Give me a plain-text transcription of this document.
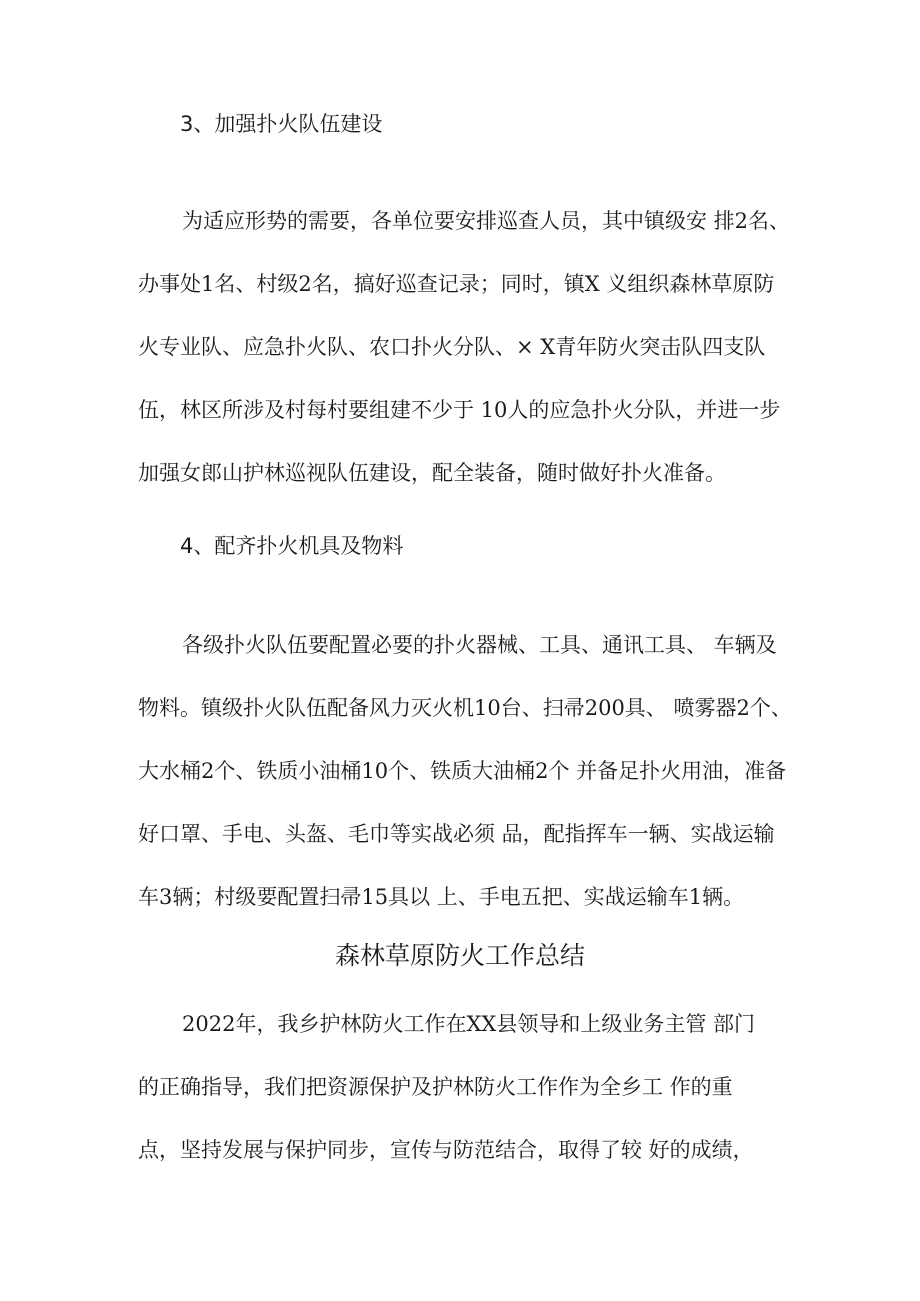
3、加强扑火队伍建设

为适应形势的需要，各单位要安排巡查人员，其中镇级安 排2名、

办事处1名、村级2名，搞好巡查记录；同时，镇X 义组织森林草原防

火专业队、应急扑火队、农口扑火分队、× X青年防火突击队四支队

伍，林区所涉及村每村要组建不少于 10人的应急扑火分队，并进一步

加强女郎山护林巡视队伍建设，配全装备，随时做好扑火准备。

4、配齐扑火机具及物料

各级扑火队伍要配置必要的扑火器械、工具、通讯工具、 车辆及

物料。镇级扑火队伍配备风力灭火机10台、扫帚200具、 喷雾器2个、

大水桶2个、铁质小油桶10个、铁质大油桶2个 并备足扑火用油，准备

好口罩、手电、头盔、毛巾等实战必须 品，配指挥车一辆、实战运输

车3辆；村级要配置扫帚15具以 上、手电五把、实战运输车1辆。

森林草原防火工作总结

2022年，我乡护林防火工作在XX县领导和上级业务主管 部门

的正确指导，我们把资源保护及护林防火工作作为全乡工 作的重

点，坚持发展与保护同步，宣传与防范结合，取得了较 好的成绩，
